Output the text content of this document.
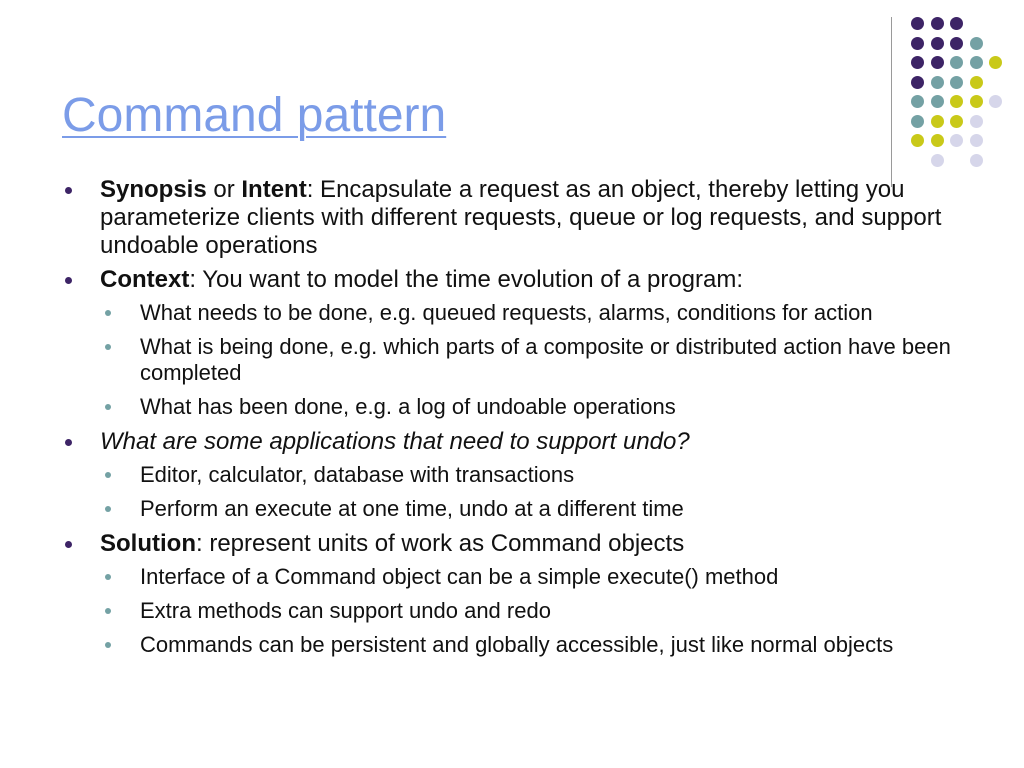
Command pattern
Synopsis or Intent: Encapsulate a request as an object, thereby letting you parameterize clients with different requests, queue or log requests, and support undoable operations
Context: You want to model the time evolution of a program:
What needs to be done, e.g. queued requests, alarms, conditions for action
What is being done, e.g. which parts of a composite or distributed action have been completed
What has been done, e.g. a log of undoable operations
What are some applications that need to support undo?
Editor, calculator, database with transactions
Perform an execute at one time, undo at a different time
Solution: represent units of work as Command objects
Interface of a Command object can be a simple execute() method
Extra methods can support undo and redo
Commands can be persistent and globally accessible, just like normal objects
